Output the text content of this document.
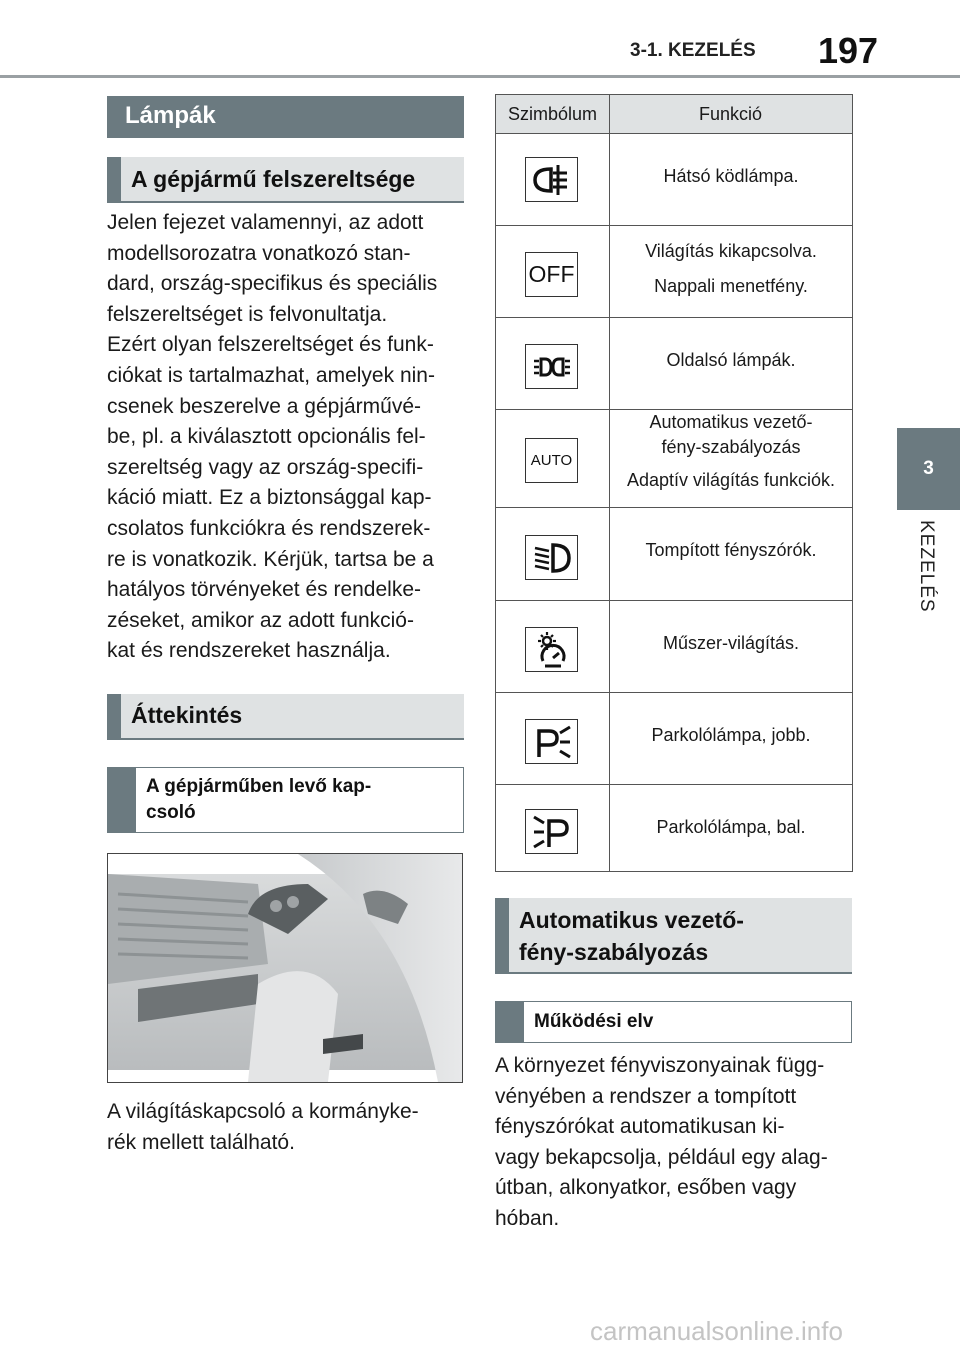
3-1. KEZELÉS	197
3
KEZELÉS
Lámpák
A gépjármű felszereltsége
Jelen fejezet valamennyi, az adott
modellsorozatra vonatkozó stan-
dard, ország-specifikus és speciális
felszereltséget is felvonultatja.
Ezért olyan felszereltséget és funk-
ciókat is tartalmazhat, amelyek nin-
csenek beszerelve a gépjárművé-
be, pl. a kiválasztott opcionális fel-
szereltség vagy az ország-specifi-
káció miatt. Ez a biztonsággal kap-
csolatos funkciókra és rendszerek-
re is vonatkozik. Kérjük, tartsa be a
hatályos törvényeket és rendelke-
zéseket, amikor az adott funkció-
kat és rendszereket használja.
Áttekintés
A gépjárműben levő kap-
csoló
A világításkapcsoló a kormányke-
rék mellett található.
Szimbólum	Funkció
Hátsó ködlámpa.
OFF
Világítás kikapcsolva.
Nappali menetfény.
Oldalsó lámpák.
AUTO
Automatikus vezető-
fény-szabályozás
Adaptív világítás funkciók.
Tompított fényszórók.
Műszer-világítás.
Parkolólámpa, jobb.
Parkolólámpa, bal.
Automatikus vezető-
fény-szabályozás
Működési elv
A környezet fényviszonyainak függ-
vényében a rendszer a tompított
fényszórókat automatikusan ki-
vagy bekapcsolja, például egy alag-
útban, alkonyatkor, esőben vagy
hóban.
carmanualsonline.info
